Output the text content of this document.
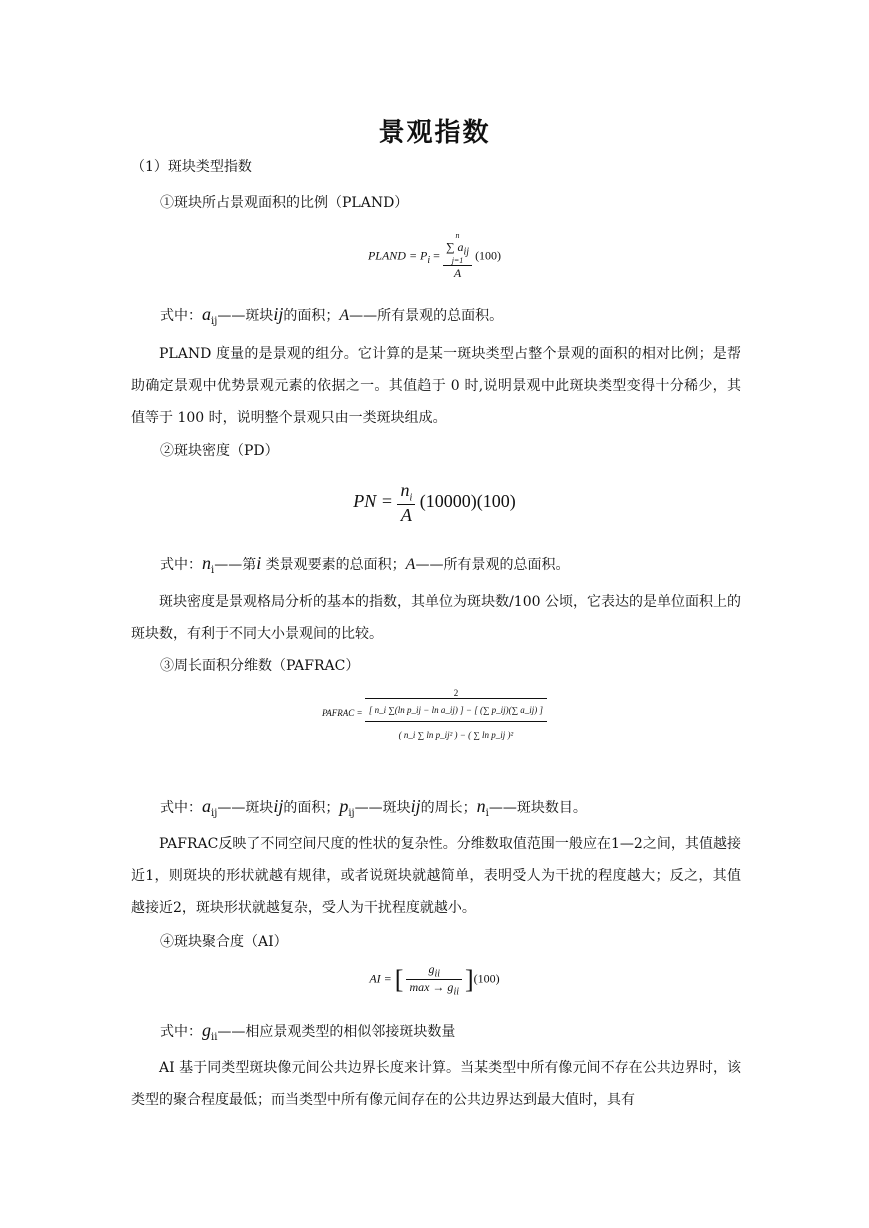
景观指数
（1）斑块类型指数
①斑块所占景观面积的比例（PLAND）
PLAND = $P_i = n$
∑ $a_{ij}$
j=1
A (100)
式中：$a_{ij}——$斑块ij的面积；A——所有景观的总面积。
PLAND 度量的是景观的组分。它计算的是某一斑块类型占整个景观的面积的相对比例；是帮助确定景观中优势景观元素的依据之一。其值趋于 0 时,说明景观中此斑块类型变得十分稀少，其值等于 100 时，说明整个景观只由一类斑块组成。
②斑块密度（PD）
PN = $\frac{n_i}{A} (10000)(100)$
式中：$n_i——$第i 类景观要素的总面积；A——所有景观的总面积。
斑块密度是景观格局分析的基本的指数，其单位为斑块数/100 公顷，它表达的是单位面积上的斑块数，有利于不同大小景观间的比较。
③周长面积分维数（PAFRAC）
PAFRAC =
2
[ n_i ∑(ln p_ij − ln a_ij) ] − [ (∑ p_ij)(∑ a_ij) ]
( n_i ∑ ln p_ij² ) − ( ∑ ln p_ij )²
式中：$a_{ij}——$斑块ij的面积；$p_{ij}——$斑块ij的周长；$n_i——$斑块数目。
PAFRAC反映了不同空间尺度的性状的复杂性。分维数取值范围一般应在1—2之间，其值越接近1，则斑块的形状就越有规律，或者说斑块就越简单，表明受人为干扰的程度越大；反之，其值越接近2，斑块形状就越复杂，受人为干扰程度就越小。
④斑块聚合度（AI）
AI = [ $\frac{g_{ii}}{\max \to g_{ii}} ](100)$
式中：$g_{ii}——$相应景观类型的相似邻接斑块数量
AI 基于同类型斑块像元间公共边界长度来计算。当某类型中所有像元间不存在公共边界时，该类型的聚合程度最低；而当类型中所有像元间存在的公共边界达到最大值时，具有
